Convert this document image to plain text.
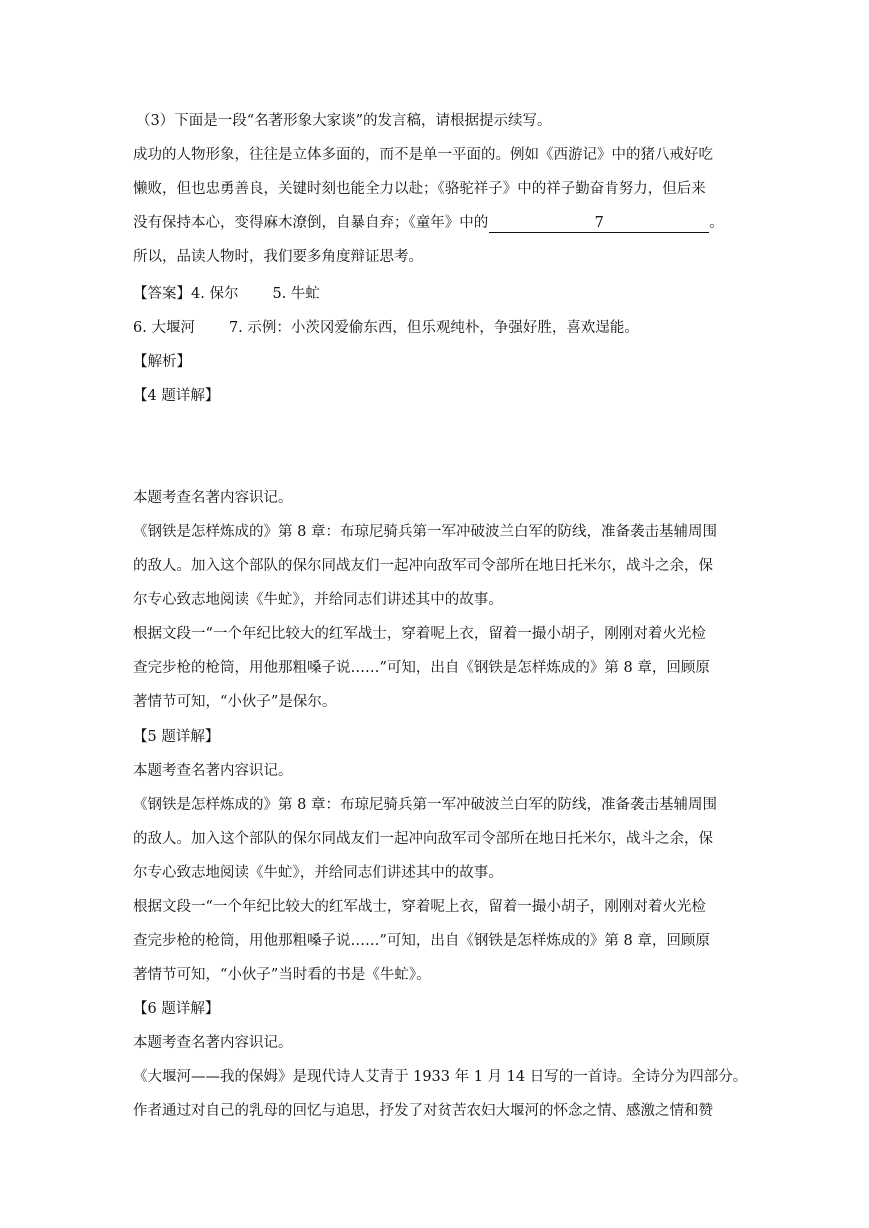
（3）下面是一段“名著形象大家谈”的发言稿，请根据提示续写。
成功的人物形象，往往是立体多面的，而不是单一平面的。例如《西游记》中的猪八戒好吃
懒败，但也忠勇善良，关键时刻也能全力以赴；《骆驼祥子》中的祥子勤奋肯努力，但后来
没有保持本心，变得麻木潦倒，自暴自弃；《童年》中的	7	。
所以，品读人物时，我们要多角度辩证思考。
【答案】4. 保尔 5. 牛虻
6. 大堰河 7. 示例：小茨冈爱偷东西，但乐观纯朴，争强好胜，喜欢逞能。
【解析】
【4 题详解】
本题考查名著内容识记。
《钢铁是怎样炼成的》第 8 章：布琼尼骑兵第一军冲破波兰白军的防线，准备袭击基辅周围
的敌人。加入这个部队的保尔同战友们一起冲向敌军司令部所在地日托米尔，战斗之余，保
尔专心致志地阅读《牛虻》，并给同志们讲述其中的故事。
根据文段一“一个年纪比较大的红军战士，穿着呢上衣，留着一撮小胡子，刚刚对着火光检
查完步枪的枪筒，用他那粗嗓子说……”可知，出自《钢铁是怎样炼成的》第 8 章，回顾原
著情节可知，“小伙子”是保尔。
【5 题详解】
本题考查名著内容识记。
《钢铁是怎样炼成的》第 8 章：布琼尼骑兵第一军冲破波兰白军的防线，准备袭击基辅周围
的敌人。加入这个部队的保尔同战友们一起冲向敌军司令部所在地日托米尔，战斗之余，保
尔专心致志地阅读《牛虻》，并给同志们讲述其中的故事。
根据文段一“一个年纪比较大的红军战士，穿着呢上衣，留着一撮小胡子，刚刚对着火光检
查完步枪的枪筒，用他那粗嗓子说……”可知，出自《钢铁是怎样炼成的》第 8 章，回顾原
著情节可知，“小伙子”当时看的书是《牛虻》。
【6 题详解】
本题考查名著内容识记。
《大堰河——我的保姆》是现代诗人艾青于 1933 年 1 月 14 日写的一首诗。全诗分为四部分。
作者通过对自己的乳母的回忆与追思，抒发了对贫苦农妇大堰河的怀念之情、感激之情和赞
